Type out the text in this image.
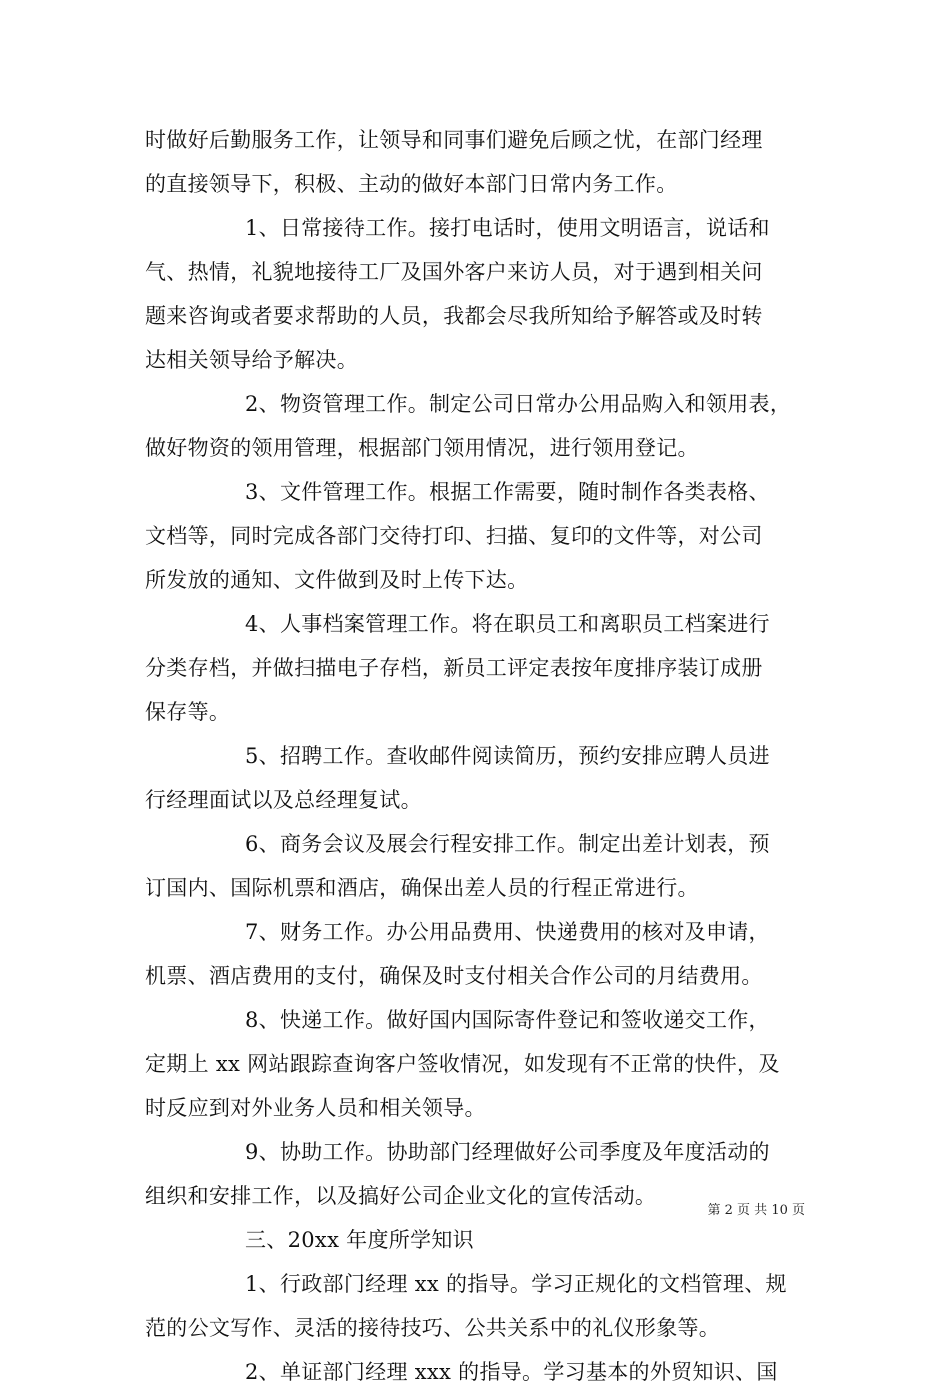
时做好后勤服务工作，让领导和同事们避免后顾之忧，在部门经理
的直接领导下，积极、主动的做好本部门日常内务工作。
1、日常接待工作。接打电话时，使用文明语言，说话和
气、热情，礼貌地接待工厂及国外客户来访人员，对于遇到相关问
题来咨询或者要求帮助的人员，我都会尽我所知给予解答或及时转
达相关领导给予解决。
2、物资管理工作。制定公司日常办公用品购入和领用表，
做好物资的领用管理，根据部门领用情况，进行领用登记。
3、文件管理工作。根据工作需要，随时制作各类表格、
文档等，同时完成各部门交待打印、扫描、复印的文件等，对公司
所发放的通知、文件做到及时上传下达。
4、人事档案管理工作。将在职员工和离职员工档案进行
分类存档，并做扫描电子存档，新员工评定表按年度排序装订成册
保存等。
5、招聘工作。查收邮件阅读简历，预约安排应聘人员进
行经理面试以及总经理复试。
6、商务会议及展会行程安排工作。制定出差计划表，预
订国内、国际机票和酒店，确保出差人员的行程正常进行。
7、财务工作。办公用品费用、快递费用的核对及申请，
机票、酒店费用的支付，确保及时支付相关合作公司的月结费用。
8、快递工作。做好国内国际寄件登记和签收递交工作，
定期上 xx 网站跟踪查询客户签收情况，如发现有不正常的快件，及
时反应到对外业务人员和相关领导。
9、协助工作。协助部门经理做好公司季度及年度活动的
组织和安排工作，以及搞好公司企业文化的宣传活动。
三、20xx 年度所学知识
1、行政部门经理 xx 的指导。学习正规化的文档管理、规
范的公文写作、灵活的接待技巧、公共关系中的礼仪形象等。
2、单证部门经理 xxx 的指导。学习基本的外贸知识、国
第 2 页 共 10 页
